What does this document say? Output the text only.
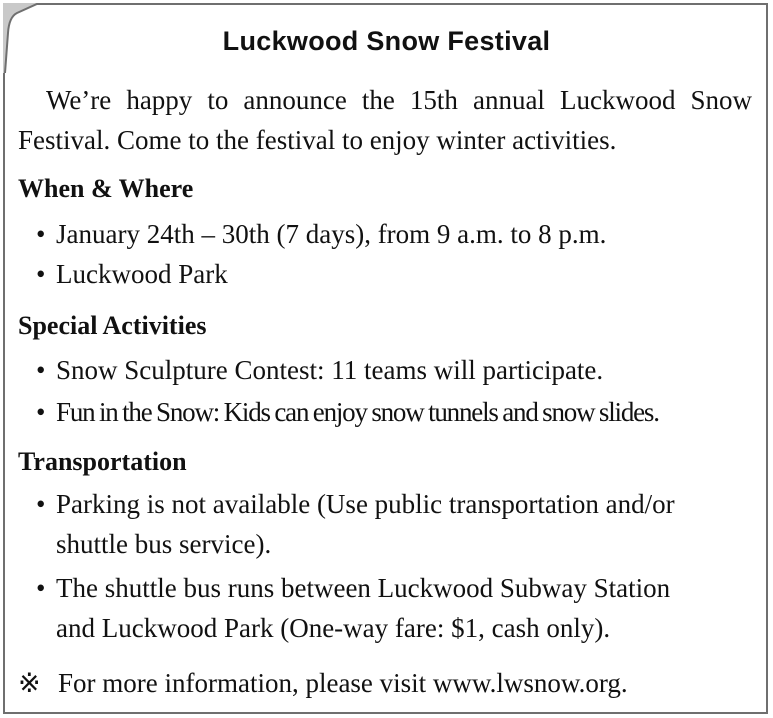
Luckwood Snow Festival
We’re happy to announce the 15th annual Luckwood Snow Festival. Come to the festival to enjoy winter activities.
When & Where
• January 24th – 30th (7 days), from 9 a.m. to 8 p.m.
• Luckwood Park
Special Activities
• Snow Sculpture Contest: 11 teams will participate.
• Fun in the Snow: Kids can enjoy snow tunnels and snow slides.
Transportation
• Parking is not available (Use public transportation and/or
shuttle bus service).
• The shuttle bus runs between Luckwood Subway Station
and Luckwood Park (One-way fare: $1, cash only).
※ For more information, please visit www.lwsnow.org.
